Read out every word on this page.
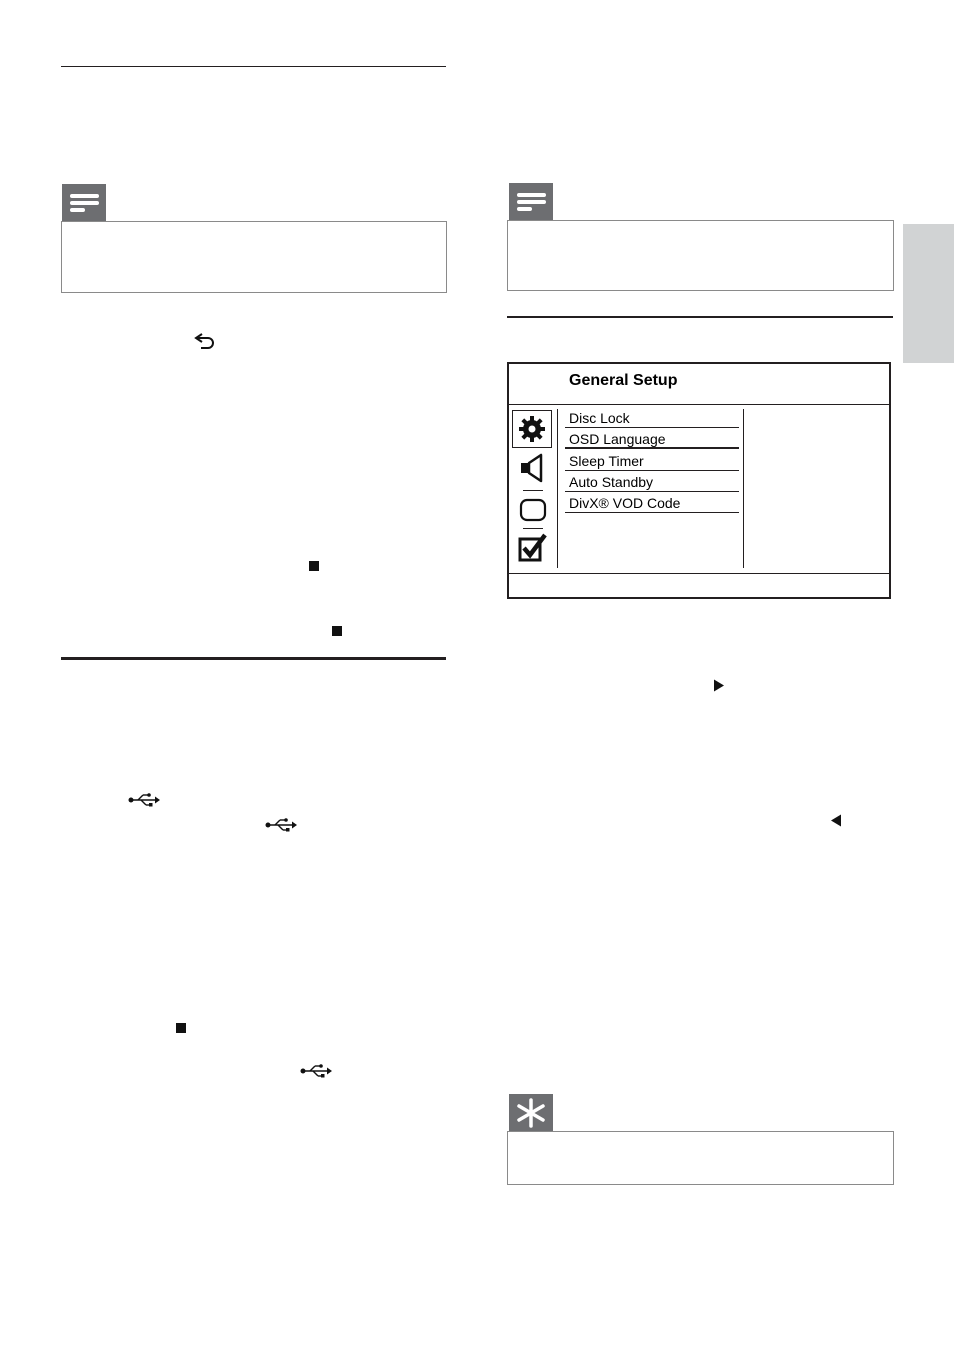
General Setup
Disc Lock
OSD Language
Sleep Timer
Auto Standby
DivX® VOD Code
